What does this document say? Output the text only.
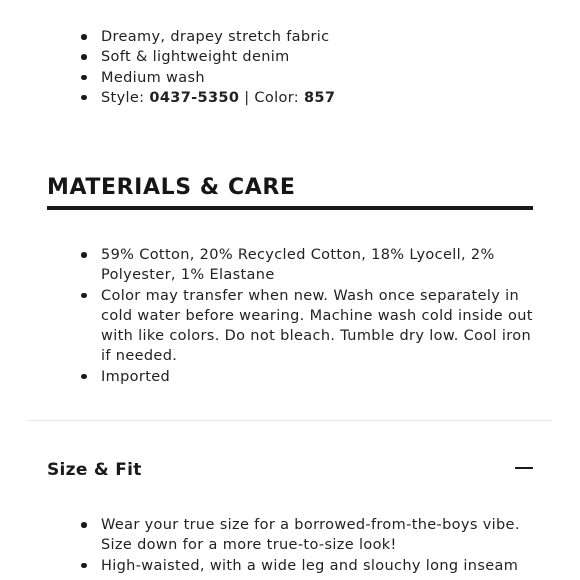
Dreamy, drapey stretch fabric
Soft & lightweight denim
Medium wash
Style: 0437-5350 | Color: 857
MATERIALS & CARE
59% Cotton, 20% Recycled Cotton, 18% Lyocell, 2% Polyester, 1% Elastane
Color may transfer when new. Wash once separately in cold water before wearing. Machine wash cold inside out with like colors. Do not bleach. Tumble dry low. Cool iron if needed.
Imported
Size & Fit
Wear your true size for a borrowed-from-the-boys vibe. Size down for a more true-to-size look!
High-waisted, with a wide leg and slouchy long inseam
